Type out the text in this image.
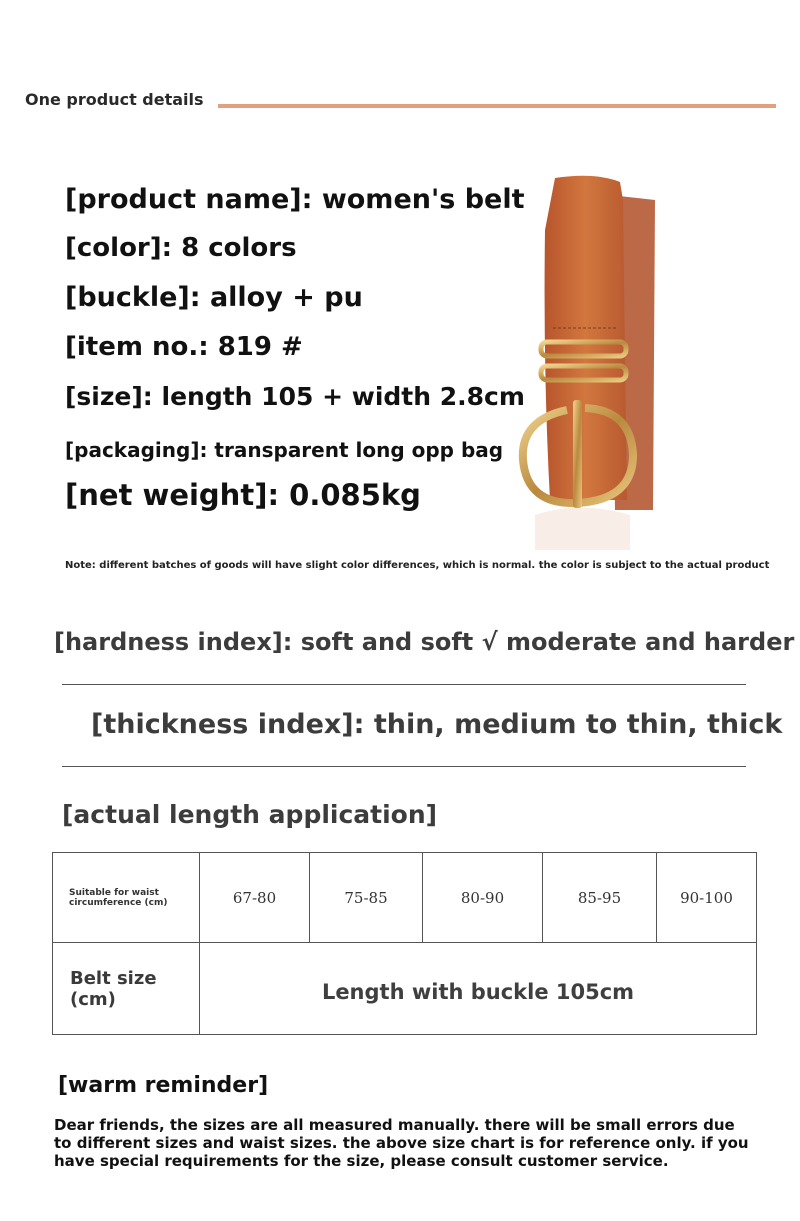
One product details
[product name]: women's belt
[color]: 8 colors
[buckle]: alloy + pu
[item no.: 819 #
[size]: length 105 + width 2.8cm
[packaging]: transparent long opp bag
[net weight]: 0.085kg
Note: different batches of goods will have slight color differences, which is normal. the color is subject to the actual product
[hardness index]: soft and soft √ moderate and harder
[thickness index]: thin, medium to thin, thick
[actual length application]
Suitable for waist circumference (cm)	67-80	75-85	80-90	85-95	90-100
Belt size (cm)	Length with buckle 105cm				
[warm reminder]
Dear friends, the sizes are all measured manually. there will be small errors due to different sizes and waist sizes. the above size chart is for reference only. if you have special requirements for the size, please consult customer service.
